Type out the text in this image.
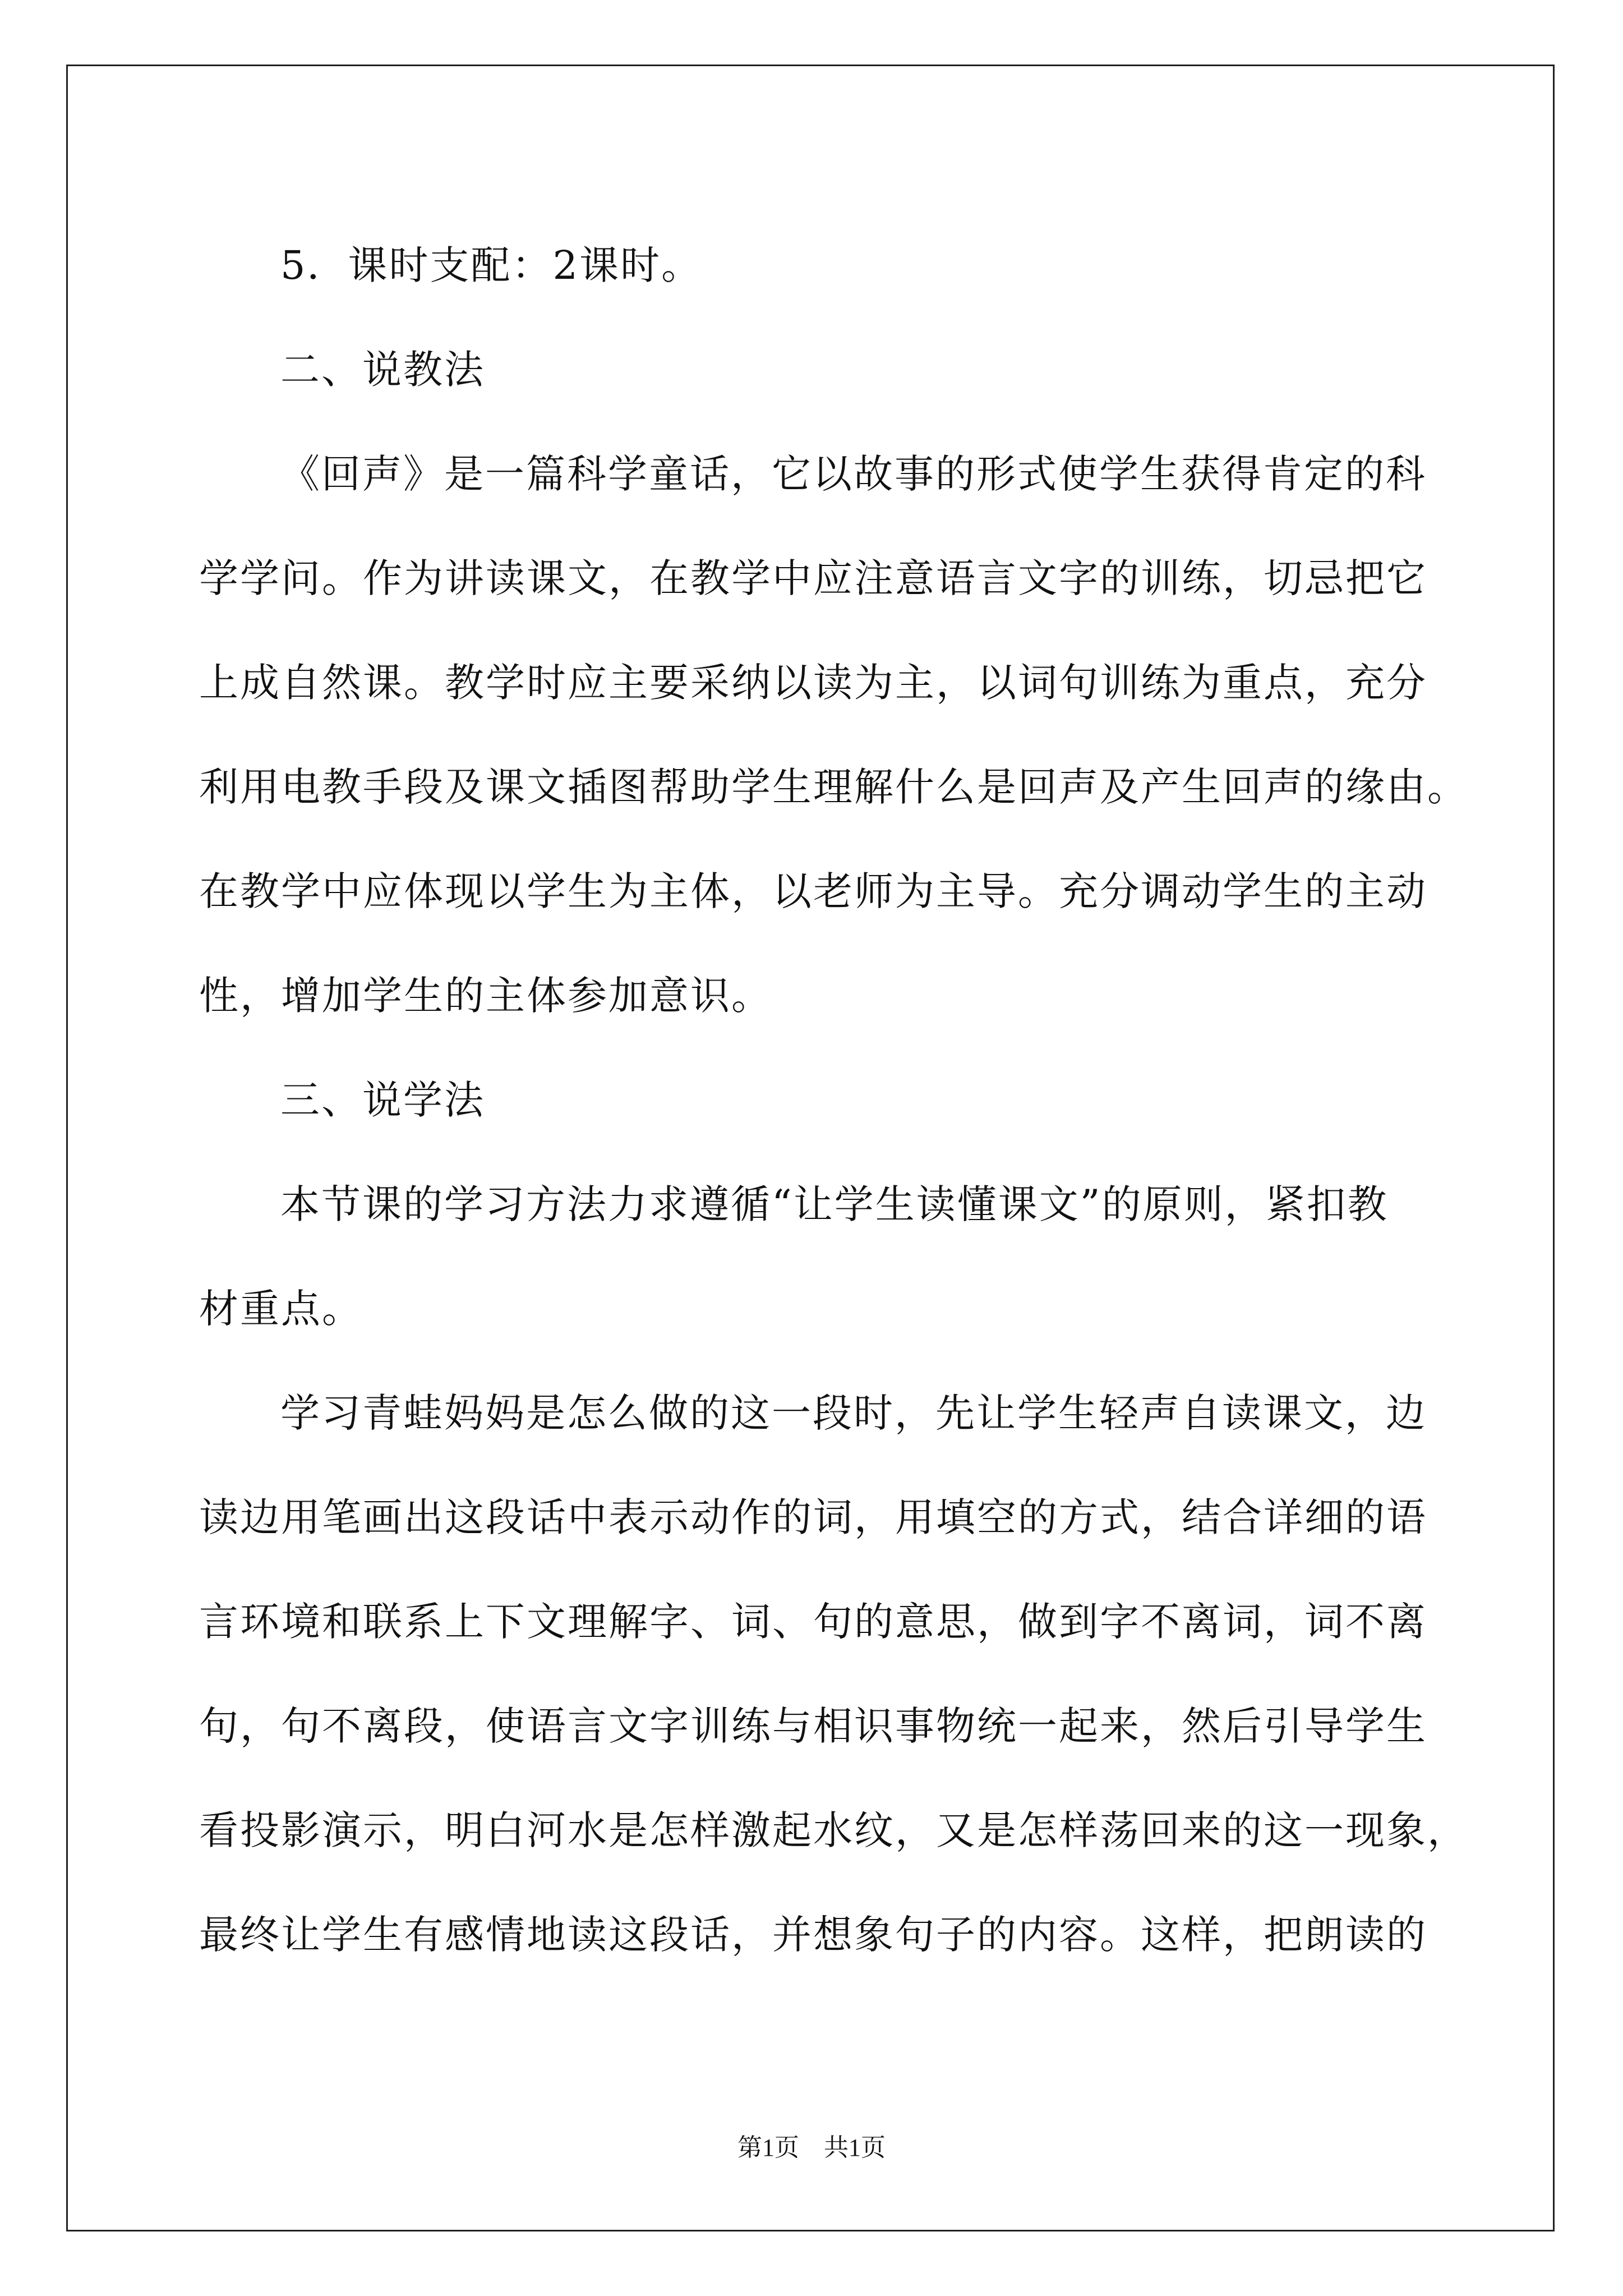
5．课时支配：2课时。
二、说教法
《回声》是一篇科学童话，它以故事的形式使学生获得肯定的科
学学问。作为讲读课文，在教学中应注意语言文字的训练，切忌把它
上成自然课。教学时应主要采纳以读为主，以词句训练为重点，充分
利用电教手段及课文插图帮助学生理解什么是回声及产生回声的缘由。
在教学中应体现以学生为主体，以老师为主导。充分调动学生的主动
性，增加学生的主体参加意识。
三、说学法
本节课的学习方法力求遵循“让学生读懂课文”的原则，紧扣教
材重点。
学习青蛙妈妈是怎么做的这一段时，先让学生轻声自读课文，边
读边用笔画出这段话中表示动作的词，用填空的方式，结合详细的语
言环境和联系上下文理解字、词、句的意思，做到字不离词，词不离
句，句不离段，使语言文字训练与相识事物统一起来，然后引导学生
看投影演示，明白河水是怎样激起水纹，又是怎样荡回来的这一现象，
最终让学生有感情地读这段话，并想象句子的内容。这样，把朗读的
第1页　共1页
